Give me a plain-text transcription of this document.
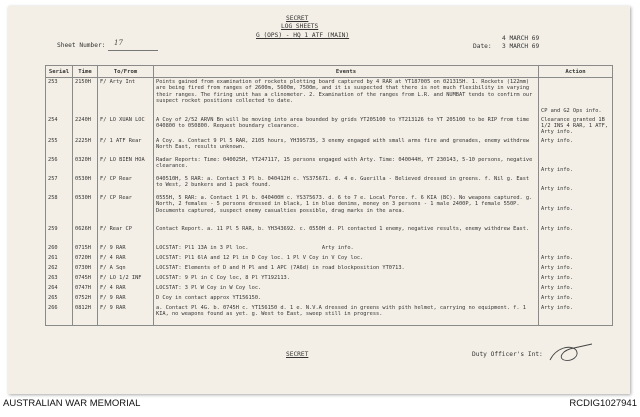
SECRET
LOG SHEETS
G (OPS) - HQ 1 ATF (MAIN)
Sheet Number: 17	Date:
4 MARCH 69
3 MARCH 69
Serial	Time	To/From	Events	Action
253	2150H	F/ Arty Int	Points gained from examination of rockets plotting board captured by 4 RAR at YT187005 on 021315H. 1. Rockets (122mm) are being fired from ranges of 2600m, 5600m, 7500m, and it is suspected that there is not much flexibility in varying their ranges. The firing unit has a clinometer. 2. Examination of the ranges from L.R. and NUMBAT tends to confirm our suspect rocket positions collected to date.	CP and G2 Ops info.
254	2240H	F/ LO XUAN LOC	A Coy of 2/52 ARVN Bn will be moving into area bounded by grids YT205100 to YT213126 to YT 205100 to be RIP from time 040800 to 050800. Request boundary clearance.	Clearance granted 1B 1/2 INS 4 RAR, 1 ATF, Arty info.
255	2225H	F/ 1 ATF Rear	A Coy. a. Contact 9 Pl 5 RAR, 2105 hours, YH395735, 3 enemy engaged with small arms fire and grenades, enemy withdrew North East, results unknown.	Arty info.
256	0320H	F/ LO BIEN HOA	Radar Reports: Time: 040025H, YT247117, 15 persons engaged with Arty. Time: 040044H, YT 230143, 5-10 persons, negative clearance.	Arty info.
257	0530H	F/ CP Rear	040510H, 5 RAR: a. Contact 3 Pl b. 040412H c. YS375671. d. 4 e. Guerilla - Believed dressed in greens. f. Nil g. East to West, 2 bunkers and 1 pack found.	Arty info.
258	0530H	F/ CP Rear	0555H, 5 RAR: a. Contact 1 Pl b. 040400H c. YS375673. d. 6 to 7 e. Local Force. f. 6 KIA (BC). No weapons captured. g. North, 2 females - 5 persons dressed in black, 1 in blue denims, money on 3 persons - 1 male 2400P, 1 female 550P. Documents captured, suspect enemy casualties possible, drag marks in the area.	Arty info.
259	0626H	F/ Rear CP	Contact Report. a. 11 Pl 5 RAR, b. YH343692. c. 0550H d. Pl contacted 1 enemy, negative results, enemy withdrew East.	Arty info.
260	0715H	F/ 9 RAR	LOCSTAT: Pl1 13A in 3 Pl loc.                       Arty info.	
261	0720H	F/ 4 RAR	LOCSTAT: Pl1 6lA and 12 Pl in D Coy loc. 1 Pl V Coy in V Coy loc.	Arty info.
262	0730H	F/ A Sqn	LOCSTAT: Elements of D and H Pl and 1 APC (7A6d) in road blockposition YT0713.	Arty info.
263	0745H	F/ LO 1/2 INF	LOCSTAT: 9 Pl in C Coy loc, 8 Pl YT192113.	Arty info.
264	0747H	F/ 4 RAR	LOCSTAT: 3 Pl W Coy in W Coy loc.	Arty info.
265	0752H	F/ 9 RAR	D Coy in contact approx YT156150.	Arty info.
266	0812H	F/ 9 RAR	a. Contact Pl 4G. b. 0745H c. YT156150 d. 1 e. N.V.A dressed in greens with pith helmet, carrying no equipment. f. 1 KIA, no weapons found as yet. g. West to East, sweep still in progress.	Arty info.
SECRET	Duty Officer's Int:
AUSTRALIAN WAR MEMORIAL	RCDIG1027941
